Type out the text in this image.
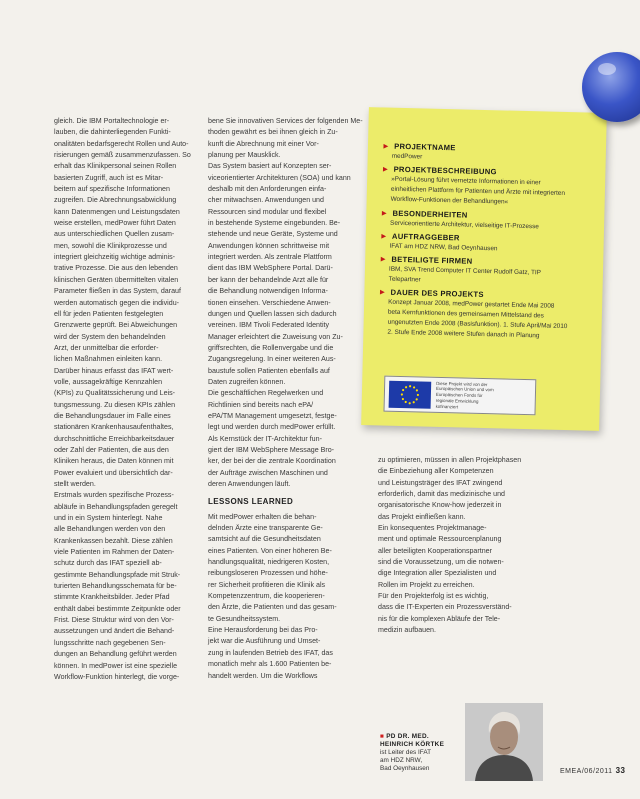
gleich. Die IBM Portaltechnologie er-
lauben, die dahinterliegenden Funkti-
onalitäten bedarfsgerecht Rollen und Auto-
risierungen gemäß zusammenzufassen. So
erhalt das Klinikpersonal seinen Rollen
basierten Zugriff, auch ist es Mitar-
beitern auf spezifische Informationen
zugreifen. Die Abrechnungsabwicklung
kann Datenmengen und Leistungsdaten
weise erstellen, medPower führt Daten
aus unterschiedlichen Quellen zusam-
men, sowohl die Klinikprozesse und
integriert gleichzeitig wichtige adminis-
trative Prozesse. Die aus den lebenden
klinischen Geräten übermittelten vitalen
Parameter fließen in das System, darauf
werden automatisch gegen die individu-
ell für jeden Patienten festgelegten
Grenzwerte geprüft. Bei Abweichungen
wird der System den behandelnden
Arzt, der unmittelbar die erforder-
lichen Maßnahmen einleiten kann.
Darüber hinaus erfasst das IFAT wert-
volle, aussagekräftige Kennzahlen
(KPIs) zu Qualitätssicherung und Leis-
tungsmessung. Zu diesen KPIs zählen
die Behandlungsdauer im Falle eines
stationären Krankenhausaufenthaltes,
durchschnittliche Erreichbarkeitsdauer
oder Zahl der Patienten, die aus den
Kliniken heraus, die Daten können mit
Power evaluiert und übersichtlich dar-
stellt werden.
Erstmals wurden spezifische Prozess-
abläufe in Behandlungspfaden geregelt
und in ein System hinterlegt. Nahe
alle Behandlungen werden von den
Krankenkassen bezahlt. Diese zählen
viele Patienten im Rahmen der Daten-
schutz durch das IFAT speziell ab-
gestimmte Behandlungspfade mit Struk-
turierten Behandlungsschemata für be-
stimmte Krankheitsbilder. Jeder Pfad
enthält dabei bestimmte Zeitpunkte oder
Frist. Diese Struktur wird von den Vor-
aussetzungen und ändert die Behand-
lungsschritte nach gegebenen Sen-
dungen an Behandlung geführt werden
können. In medPower ist eine spezielle
Workflow-Funktion hinterlegt, die vorge-
bene Sie innovativen Services der folgenden Me-
thoden gewährt es bei ihnen gleich in Zu-
kunft die Abrechnung mit einer Vor-
planung per Mausklick.
Das System basiert auf Konzepten ser-
viceorientierter Architekturen (SOA) und kann
deshalb mit den Anforderungen einfa-
cher mitwachsen. Anwendungen und
Ressourcen sind modular und flexibel
in bestehende Systeme eingebunden. Be-
stehende und neue Geräte, Systeme und
Anwendungen können schrittweise mit
integriert werden. Als zentrale Plattform
dient das IBM WebSphere Portal. Darü-
ber kann der behandelnde Arzt alle für
die Behandlung notwendigen Informa-
tionen einsehen. Verschiedene Anwen-
dungen und Quellen lassen sich dadurch
vereinen. IBM Tivoli Federated Identity
Manager erleichtert die Zuweisung von Zu-
griffsrechten, die Rollenvergabe und die
Zugangsregelung. In einer weiteren Aus-
baustufe sollen Patienten ebenfalls auf
Daten zugreifen können.
Die geschäftlichen Regelwerken und
Richtlinien sind bereits nach ePA/
ePA/TM Management umgesetzt, festge-
legt und werden durch medPower erfüllt.
Als Kernstück der IT-Architektur fun-
giert der IBM WebSphere Message Bro-
ker, der bei der die zentrale Koordination
der Aufträge zwischen Maschinen und
deren Anwendungen läuft.
LESSONS LEARNED
Mit medPower erhalten die behan-
delnden Ärzte eine transparente Ge-
samtsicht auf die Gesundheitsdaten
eines Patienten. Von einer höheren Be-
handlungsqualität, niedrigeren Kosten,
reibungsloseren Prozessen und höhe-
rer Sicherheit profitieren die Klinik als
Kompetenzzentrum, die kooperieren-
den Ärzte, die Patienten und das gesam-
te Gesundheitssystem.
Eine Herausforderung bei das Pro-
jekt war die Ausführung und Umset-
zung in laufenden Betrieb des IFAT, das
monatlich mehr als 1.600 Patienten be-
handelt werden. Um die Workflows
zu optimieren, müssen in allen Projektphasen
die Einbeziehung aller Kompetenzen
und Leistungsträger des IFAT zwingend
erforderlich, damit das medizinische und
organisatorische Know-how jederzeit in
das Projekt einfließen kann.
Ein konsequentes Projektmanage-
ment und optimale Ressourcenplanung
aller beteiligten Kooperationspartner
sind die Voraussetzung, um die notwen-
dige Integration aller Spezialisten und
Rollen im Projekt zu erreichen.
Für den Projekterfolg ist es wichtig,
dass die IT-Experten ein Prozessverständ-
nis für die komplexen Abläufe der Tele-
medizin aufbauen.
► PROJEKTNAME
medPower
► PROJEKTBESCHREIBUNG
»Portal-Lösung führt vernetzte Informationen in einer
einheitlichen Plattform für Patienten und Ärzte mit integrierten
Workflow-Funktionen der Behandlungen«
► BESONDERHEITEN
Serviceorientierte Architektur, vielseitige IT-Prozesse
► AUFTRAGGEBER
IFAT am HDZ NRW, Bad Oeynhausen
► BETEILIGTE FIRMEN
IBM, SVA Trend Computer IT Center Rudolf Gatz, TIP
Telepartner
► DAUER DES PROJEKTS
Konzept Januar 2008, medPower gestartet Ende Mai 2008
beta Kernfunktionen des gemeinsamen Mittelstand des
ungenutzten Ende 2008 (Basisfunktion). 1. Stufe April/Mai 2010
2. Stufe Ende 2008 weitere Stufen danach in Planung
Diese Projekt wird von der
Europäischen Union und vom
Europäischen Fonds für
regionale Entwicklung
kofinanziert
■ PD DR. MED.
HEINRICH KÖRTKE
ist Leiter des IFAT
am HDZ NRW,
Bad Oeynhausen	EMEA/06/2011 33
